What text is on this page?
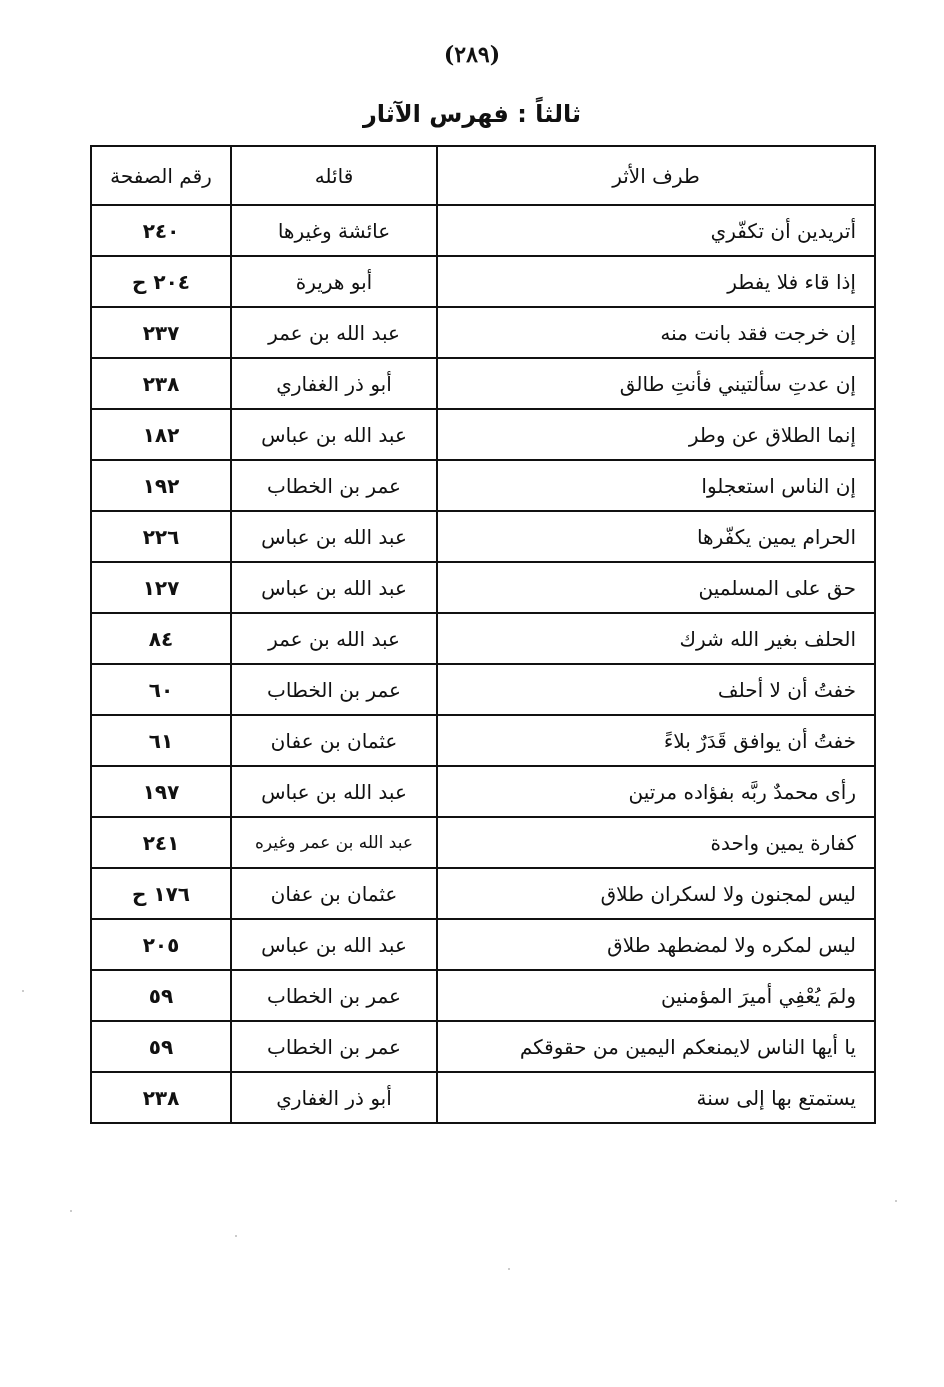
(٢٨٩)
ثالثاً : فهرس الآثار
طرف الأثر	قائله	رقم الصفحة
أتريدين أن تكفّري	عائشة وغيرها	٢٤٠
إذا قاء فلا يفطر	أبو هريرة	٢٠٤ ح
إن خرجت فقد بانت منه	عبد الله بن عمر	٢٣٧
إن عدتِ سألتيني فأنتِ طالق	أبو ذر الغفاري	٢٣٨
إنما الطلاق عن وطر	عبد الله بن عباس	١٨٢
إن الناس استعجلوا	عمر بن الخطاب	١٩٢
الحرام يمين يكفّرها	عبد الله بن عباس	٢٢٦
حق على المسلمين	عبد الله بن عباس	١٢٧
الحلف بغير الله شرك	عبد الله بن عمر	٨٤
خفتُ أن لا أحلف	عمر بن الخطاب	٦٠
خفتُ أن يوافق قَدَرٌ بلاءً	عثمان بن عفان	٦١
رأى محمدٌ ربَّه بفؤاده مرتين	عبد الله بن عباس	١٩٧
كفارة يمين واحدة	عبد الله بن عمر وغيره	٢٤١
ليس لمجنون ولا لسكران طلاق	عثمان بن عفان	١٧٦ ح
ليس لمكره ولا لمضطهد طلاق	عبد الله بن عباس	٢٠٥
ولمَ يُعْفِي أميرَ المؤمنين	عمر بن الخطاب	٥٩
يا أيها الناس لايمنعكم اليمين من حقوقكم	عمر بن الخطاب	٥٩
يستمتع بها إلى سنة	أبو ذر الغفاري	٢٣٨
